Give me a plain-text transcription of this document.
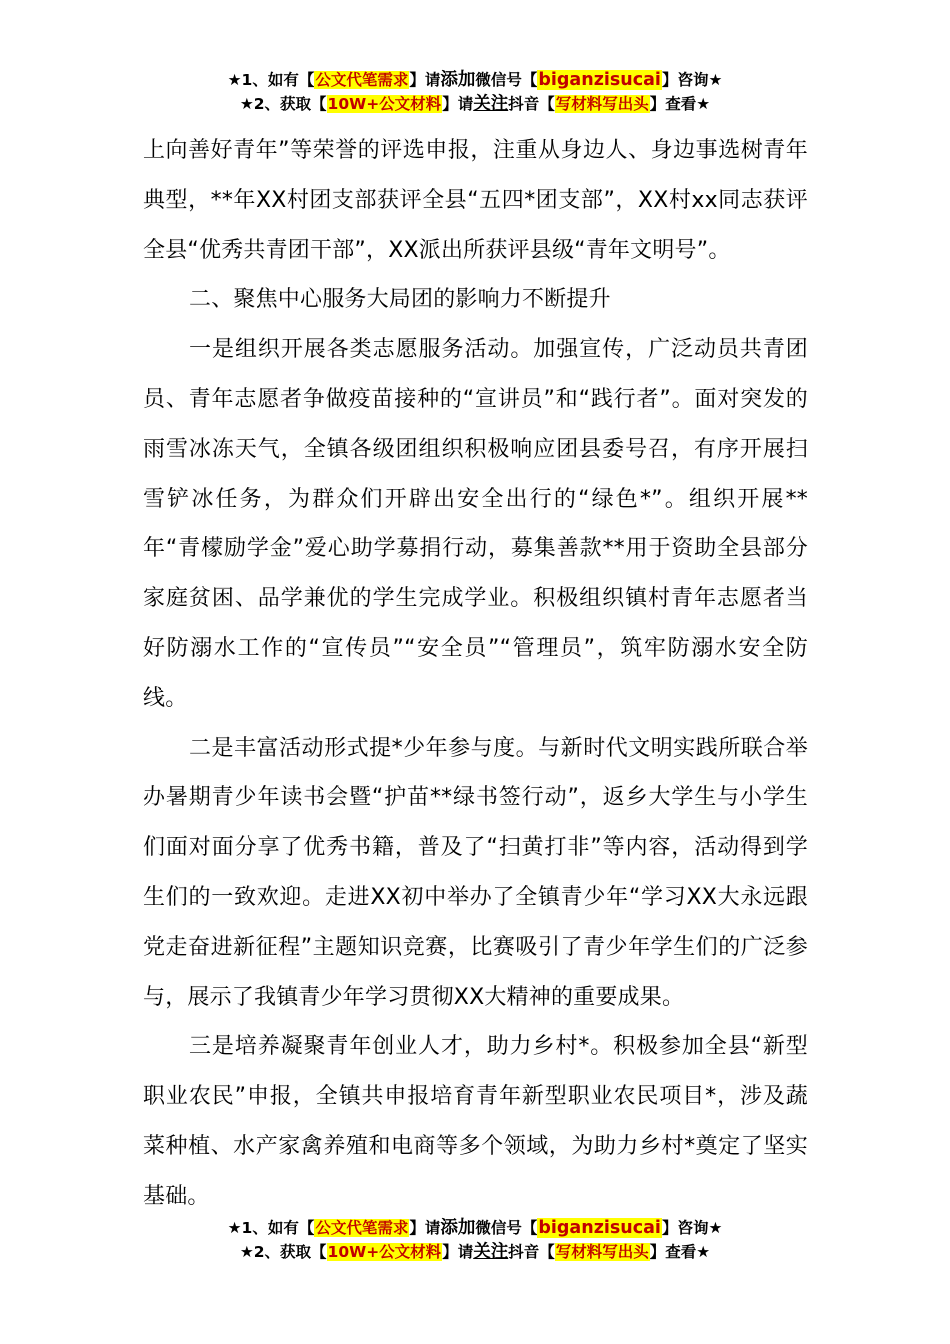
★1、如有【公文代笔需求】请添加微信号【biganzisucai】咨询★
★2、获取【10W+公文材料】请关注抖音【写材料写出头】查看★

上向善好青年”等荣誉的评选申报，注重从身边人、身边事选树青年典型，**年XX村团支部获评全县“五四*团支部”，XX村xx同志获评全县“优秀共青团干部”，XX派出所获评县级“青年文明号”。

二、聚焦中心服务大局团的影响力不断提升

一是组织开展各类志愿服务活动。加强宣传，广泛动员共青团员、青年志愿者争做疫苗接种的“宣讲员”和“践行者”。面对突发的雨雪冰冻天气，全镇各级团组织积极响应团县委号召，有序开展扫雪铲冰任务，为群众们开辟出安全出行的“绿色*”。组织开展**年“青檬励学金”爱心助学募捐行动，募集善款**用于资助全县部分家庭贫困、品学兼优的学生完成学业。积极组织镇村青年志愿者当好防溺水工作的“宣传员”“安全员”“管理员”，筑牢防溺水安全防线。

二是丰富活动形式提*少年参与度。与新时代文明实践所联合举办暑期青少年读书会暨“护苗**绿书签行动”，返乡大学生与小学生们面对面分享了优秀书籍，普及了“扫黄打非”等内容，活动得到学生们的一致欢迎。走进XX初中举办了全镇青少年“学习XX大永远跟党走奋进新征程”主题知识竞赛，比赛吸引了青少年学生们的广泛参与，展示了我镇青少年学习贯彻XX大精神的重要成果。

三是培养凝聚青年创业人才，助力乡村*。积极参加全县“新型职业农民”申报，全镇共申报培育青年新型职业农民项目*，涉及蔬菜种植、水产家禽养殖和电商等多个领域，为助力乡村*奠定了坚实基础。

★1、如有【公文代笔需求】请添加微信号【biganzisucai】咨询★
★2、获取【10W+公文材料】请关注抖音【写材料写出头】查看★
